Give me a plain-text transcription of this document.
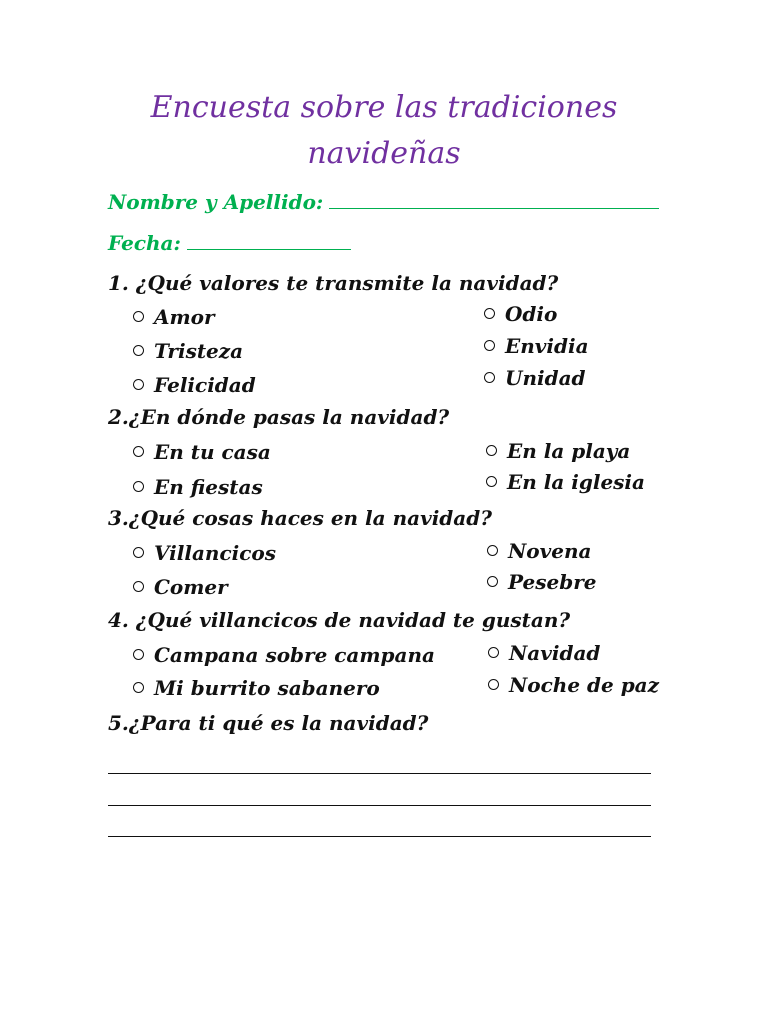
Encuesta sobre las tradiciones
navideñas
Nombre y Apellido:
Fecha:
1. ¿Qué valores te transmite la navidad?
Amor
Tristeza
Felicidad
Odio
Envidia
Unidad
2.¿En dónde pasas la navidad?
En tu casa
En fiestas
En la playa
En la iglesia
3.¿Qué cosas haces en la navidad?
Villancicos
Comer
Novena
Pesebre
4. ¿Qué villancicos de navidad te gustan?
Campana sobre campana
Mi burrito sabanero
Navidad
Noche de paz
5.¿Para ti qué es la navidad?
